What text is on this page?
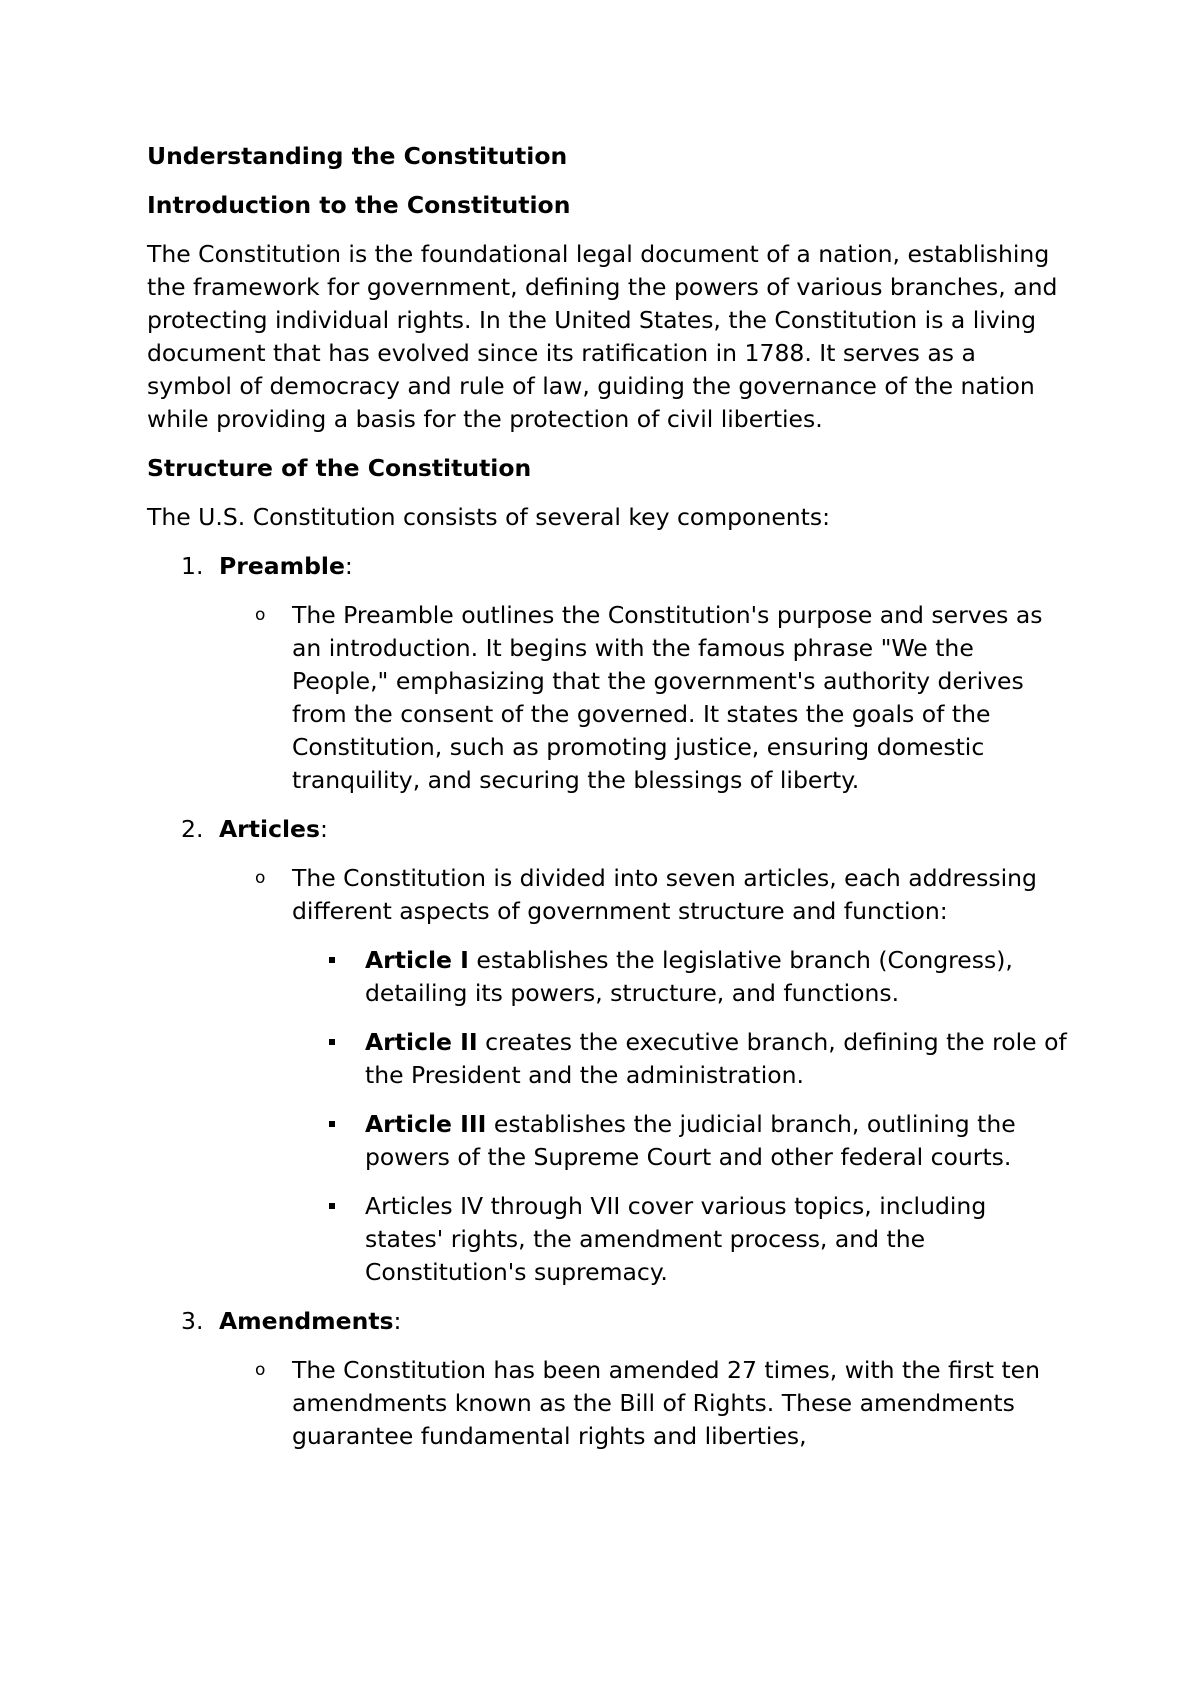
Understanding the Constitution

Introduction to the Constitution

The Constitution is the foundational legal document of a nation, establishing the framework for government, defining the powers of various branches, and protecting individual rights. In the United States, the Constitution is a living document that has evolved since its ratification in 1788. It serves as a symbol of democracy and rule of law, guiding the governance of the nation while providing a basis for the protection of civil liberties.

Structure of the Constitution

The U.S. Constitution consists of several key components:

1. Preamble:
o The Preamble outlines the Constitution's purpose and serves as an introduction. It begins with the famous phrase "We the People," emphasizing that the government's authority derives from the consent of the governed. It states the goals of the Constitution, such as promoting justice, ensuring domestic tranquility, and securing the blessings of liberty.
2. Articles:
o The Constitution is divided into seven articles, each addressing different aspects of government structure and function:
Article I establishes the legislative branch (Congress), detailing its powers, structure, and functions.
Article II creates the executive branch, defining the role of the President and the administration.
Article III establishes the judicial branch, outlining the powers of the Supreme Court and other federal courts.
Articles IV through VII cover various topics, including states' rights, the amendment process, and the Constitution's supremacy.
3. Amendments:
o The Constitution has been amended 27 times, with the first ten amendments known as the Bill of Rights. These amendments guarantee fundamental rights and liberties,
